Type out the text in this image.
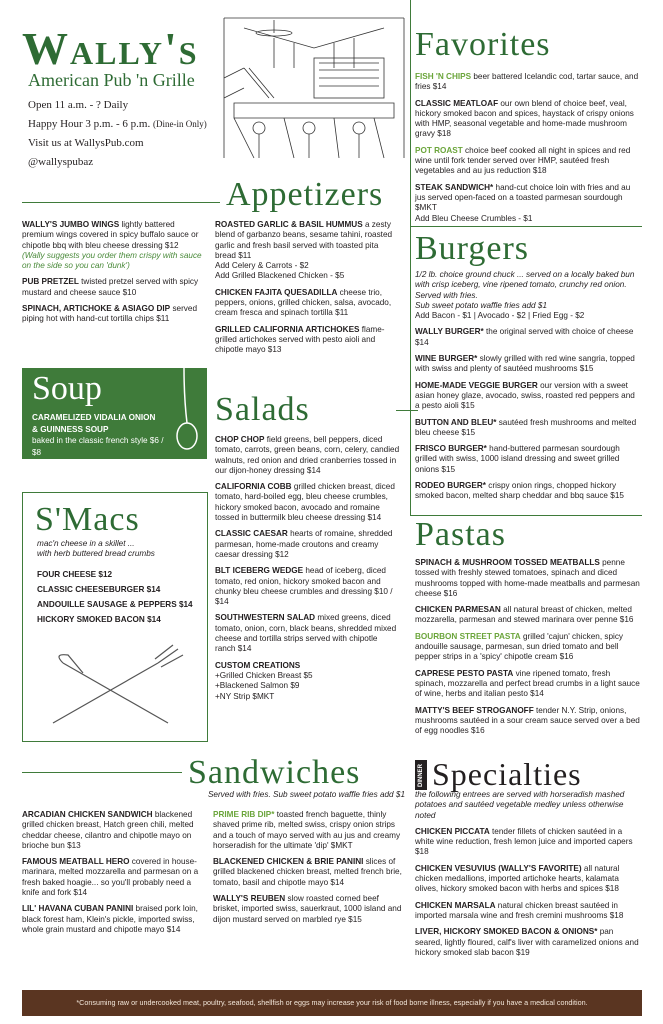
Wally's
American Pub 'n Grille
Open 11 a.m. - ? Daily
Happy Hour 3 p.m. - 6 p.m. (Dine-in Only)
Visit us at WallysPub.com
@wallyspubaz
Favorites
FISH 'N CHIPS beer battered Icelandic cod, tartar sauce, and fries $14
CLASSIC MEATLOAF our own blend of choice beef, veal, hickory smoked bacon and spices, haystack of crispy onions with HMP, seasonal vegetable and home-made mushroom gravy $18
POT ROAST choice beef cooked all night in spices and red wine until fork tender served over HMP, sautéed fresh vegetables and au jus reduction $18
STEAK SANDWICH* hand-cut choice loin with fries and au jus served open-faced on a toasted parmesan sourdough $MKT
Add Bleu Cheese Crumbles - $1
Appetizers
WALLY'S JUMBO WINGS lightly battered premium wings covered in spicy buffalo sauce or chipotle bbq with bleu cheese dressing $12
(Wally suggests you order them crispy with sauce on the side so you can 'dunk')
PUB PRETZEL twisted pretzel served with spicy mustard and cheese sauce $10
SPINACH, ARTICHOKE & ASIAGO DIP served piping hot with hand-cut tortilla chips $11
ROASTED GARLIC & BASIL HUMMUS a zesty blend of garbanzo beans, sesame tahini, roasted garlic and fresh basil served with toasted pita bread $11
Add Celery & Carrots - $2
Add Grilled Blackened Chicken - $5
CHICKEN FAJITA QUESADILLA cheese trio, peppers, onions, grilled chicken, salsa, avocado, cream fresca and spinach tortilla $11
GRILLED CALIFORNIA ARTICHOKES flame-grilled artichokes served with pesto aioli and chipotle mayo $13
Burgers
1/2 lb. choice ground chuck ... served on a locally baked bun with crisp iceberg, vine ripened tomato, crunchy red onion. Served with fries.
Sub sweet potato waffle fries add $1
Add Bacon - $1 | Avocado - $2 | Fried Egg - $2
WALLY BURGER* the original served with choice of cheese $14
WINE BURGER* slowly grilled with red wine sangria, topped with swiss and plenty of sautéed mushrooms $15
HOME-MADE VEGGIE BURGER our version with a sweet asian honey glaze, avocado, swiss, roasted red peppers and a pesto aioli $15
BUTTON AND BLEU* sautéed fresh mushrooms and melted bleu cheese $15
FRISCO BURGER* hand-buttered parmesan sourdough grilled with swiss, 1000 island dressing and sweet grilled onions $15
RODEO BURGER* crispy onion rings, chopped hickory smoked bacon, melted sharp cheddar and bbq sauce $15
Soup
CARAMELIZED VIDALIA ONION
& GUINNESS SOUP
baked in the classic french style $6 / $8
Salads
CHOP CHOP field greens, bell peppers, diced tomato, carrots, green beans, corn, celery, candied walnuts, red onion and dried cranberries tossed in our dijon-honey dressing $14
CALIFORNIA COBB grilled chicken breast, diced tomato, hard-boiled egg, bleu cheese crumbles, hickory smoked bacon, avocado and romaine tossed in buttermilk bleu cheese dressing $14
CLASSIC CAESAR hearts of romaine, shredded parmesan, home-made croutons and creamy caesar dressing $12
BLT ICEBERG WEDGE head of iceberg, diced tomato, red onion, hickory smoked bacon and chunky bleu cheese crumbles and dressing $10 / $14
SOUTHWESTERN SALAD mixed greens, diced tomato, onion, corn, black beans, shredded mixed cheese and tortilla strips served with chipotle ranch $14
CUSTOM CREATIONS
+Grilled Chicken Breast $5
+Blackened Salmon $9
+NY Strip $MKT
S'Macs
mac'n cheese in a skillet ...
with herb buttered bread crumbs
FOUR CHEESE $12
CLASSIC CHEESEBURGER $14
ANDOUILLE SAUSAGE & PEPPERS $14
HICKORY SMOKED BACON $14
Pastas
SPINACH & MUSHROOM TOSSED MEATBALLS penne tossed with freshly stewed tomatoes, spinach and diced mushrooms topped with home-made meatballs and parmesan cheese $16
CHICKEN PARMESAN all natural breast of chicken, melted mozzarella, parmesan and stewed marinara over penne $16
BOURBON STREET PASTA grilled 'cajun' chicken, spicy andouille sausage, parmesan, sun dried tomato and bell pepper strips in a 'spicy' chipotle cream $16
CAPRESE PESTO PASTA vine ripened tomato, fresh spinach, mozzarella and perfect bread crumbs in a light sauce of wine, herbs and italian pesto $14
MATTY'S BEEF STROGANOFF tender N.Y. Strip, onions, mushrooms sautéed in a sour cream sauce served over a bed of egg noodles $16
Sandwiches
Served with fries. Sub sweet potato waffle fries add $1
ARCADIAN CHICKEN SANDWICH blackened grilled chicken breast, Hatch green chili, melted cheddar cheese, cilantro and chipotle mayo on brioche bun $13
FAMOUS MEATBALL HERO covered in house-marinara, melted mozzarella and parmesan on a fresh baked hoagie... so you'll probably need a knife and fork $14
LIL' HAVANA CUBAN PANINI braised pork loin, black forest ham, Klein's pickle, imported swiss, whole grain mustard and chipotle mayo $14
PRIME RIB DIP* toasted french baguette, thinly shaved prime rib, melted swiss, crispy onion strips and a touch of mayo served with au jus and creamy horseradish for the ultimate 'dip' $MKT
BLACKENED CHICKEN & BRIE PANINI slices of grilled blackened chicken breast, melted french brie, tomato, basil and chipotle mayo $14
WALLY'S REUBEN slow roasted corned beef brisket, imported swiss, sauerkraut, 1000 island and dijon mustard served on marbled rye $15
DINNER Specialties
the following entrees are served with horseradish mashed potatoes and sautéed vegetable medley unless otherwise noted
CHICKEN PICCATA tender fillets of chicken sautéed in a white wine reduction, fresh lemon juice and imported capers $18
CHICKEN VESUVIUS (WALLY'S FAVORITE) all natural chicken medallions, imported artichoke hearts, kalamata olives, hickory smoked bacon with herbs and spices $18
CHICKEN MARSALA natural chicken breast sautéed in imported marsala wine and fresh cremini mushrooms $18
LIVER, HICKORY SMOKED BACON & ONIONS* pan seared, lightly floured, calf's liver with caramelized onions and hickory smoked slab bacon $19
*Consuming raw or undercooked meat, poultry, seafood, shellfish or eggs may increase your risk of food borne illness, especially if you have a medical condition.
